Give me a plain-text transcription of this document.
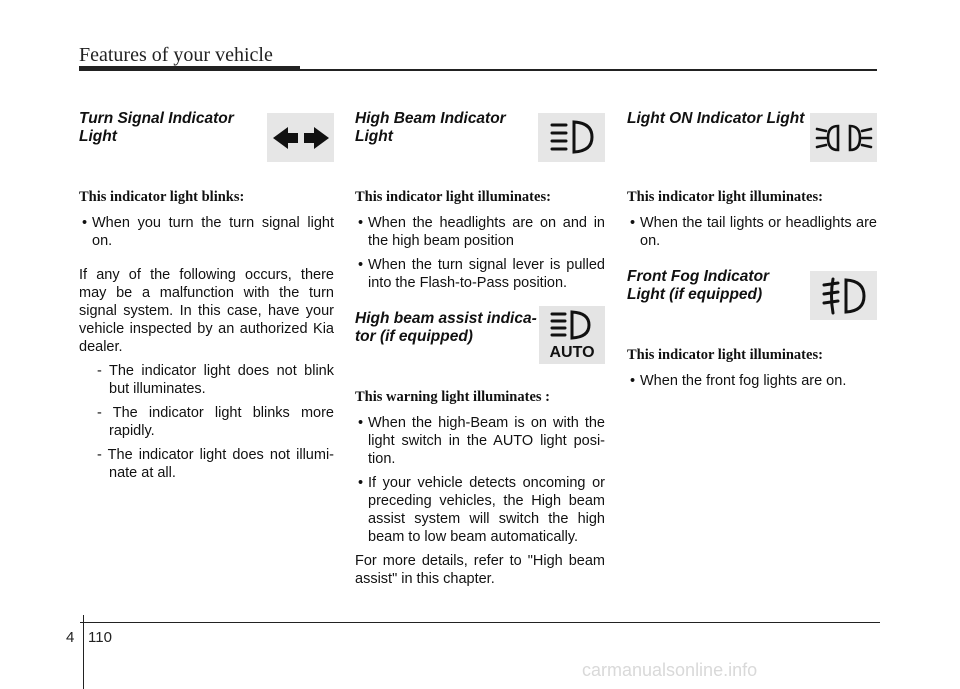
Features of your vehicle
Turn Signal Indicator
Light

This indicator light blinks:

• When you turn the turn signal light on.

If any of the following occurs, there may be a malfunction with the turn signal system. In this case, have your vehicle inspected by an authorized Kia dealer.

- The indicator light does not blink but illuminates.

- The indicator light blinks more rapidly.

- The indicator light does not illumi- nate at all.

High Beam Indicator
Light

This indicator light illuminates:

• When the headlights are on and in the high beam position

• When the turn signal lever is pulled into the Flash-to-Pass position.

High beam assist indica-
tor (if equipped)
AUTO

This warning light illuminates :

• When the high-Beam is on with the light switch in the AUTO light posi- tion.

• If your vehicle detects oncoming or preceding vehicles, the High beam assist system will switch the high beam to low beam automatically.

For more details, refer to "High beam assist" in this chapter.

Light ON Indicator Light

This indicator light illuminates:

• When the tail lights or headlights are on.

Front Fog Indicator
Light (if equipped)

This indicator light illuminates:

• When the front fog lights are on.

4 110
carmanualsonline.info
